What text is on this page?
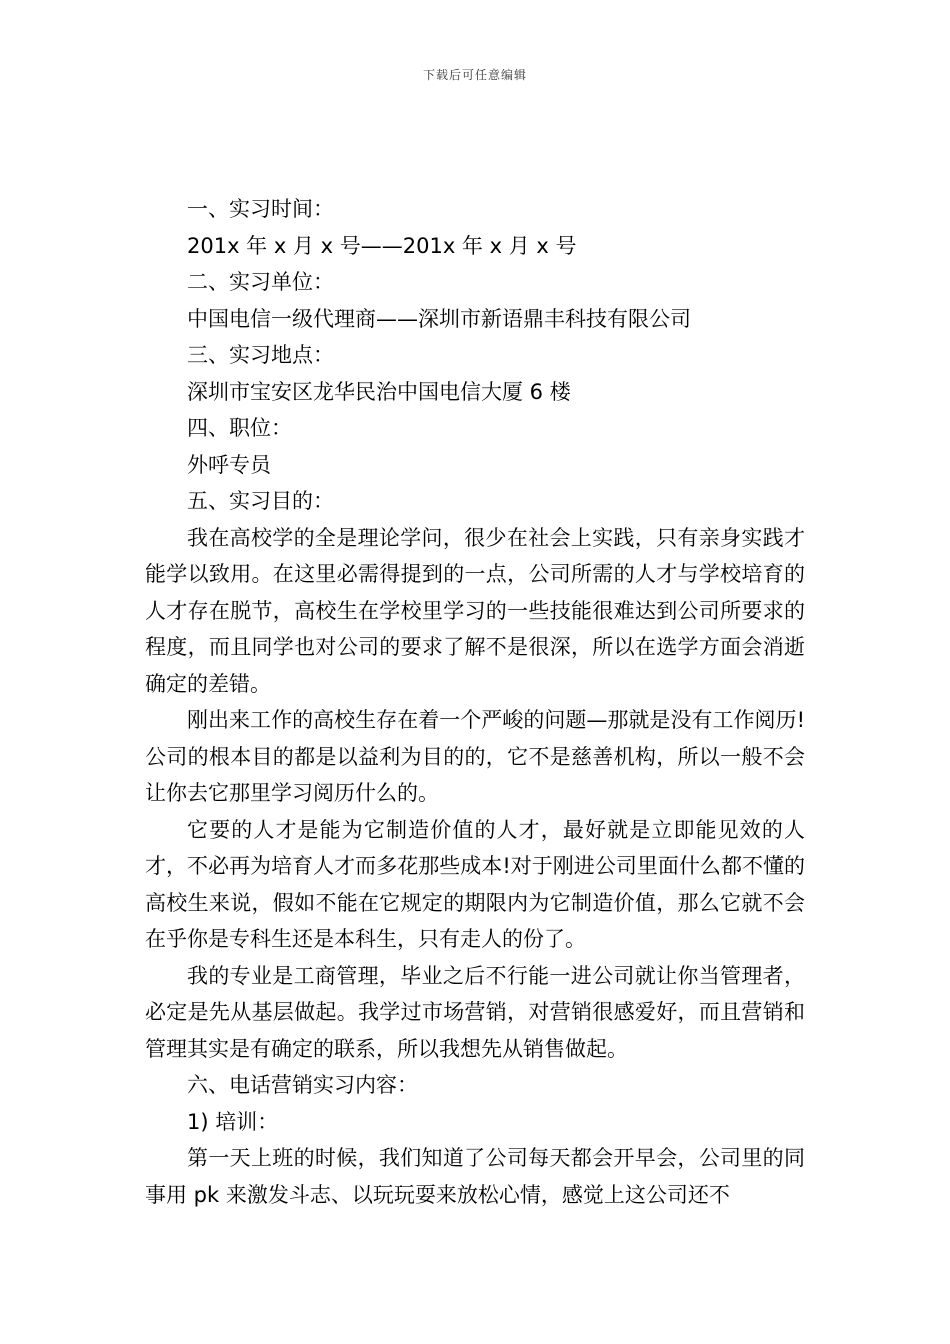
下载后可任意编辑

一、实习时间：

201x 年 x 月 x 号——201x 年 x 月 x 号

二、实习单位：

中国电信一级代理商——深圳市新语鼎丰科技有限公司

三、实习地点：

深圳市宝安区龙华民治中国电信大厦 6 楼

四、职位：

外呼专员

五、实习目的：

我在高校学的全是理论学问，很少在社会上实践，只有亲身实践才能学以致用。在这里必需得提到的一点，公司所需的人才与学校培育的人才存在脱节，高校生在学校里学习的一些技能很难达到公司所要求的程度，而且同学也对公司的要求了解不是很深，所以在选学方面会消逝确定的差错。

刚出来工作的高校生存在着一个严峻的问题—那就是没有工作阅历!公司的根本目的都是以益利为目的的，它不是慈善机构，所以一般不会让你去它那里学习阅历什么的。

它要的人才是能为它制造价值的人才，最好就是立即能见效的人才，不必再为培育人才而多花那些成本!对于刚进公司里面什么都不懂的高校生来说，假如不能在它规定的期限内为它制造价值，那么它就不会在乎你是专科生还是本科生，只有走人的份了。

我的专业是工商管理，毕业之后不行能一进公司就让你当管理者，必定是先从基层做起。我学过市场营销，对营销很感爱好，而且营销和管理其实是有确定的联系，所以我想先从销售做起。

六、电话营销实习内容：

1) 培训：

第一天上班的时候，我们知道了公司每天都会开早会，公司里的同事用 pk 来激发斗志、以玩玩耍来放松心情，感觉上这公司还不
